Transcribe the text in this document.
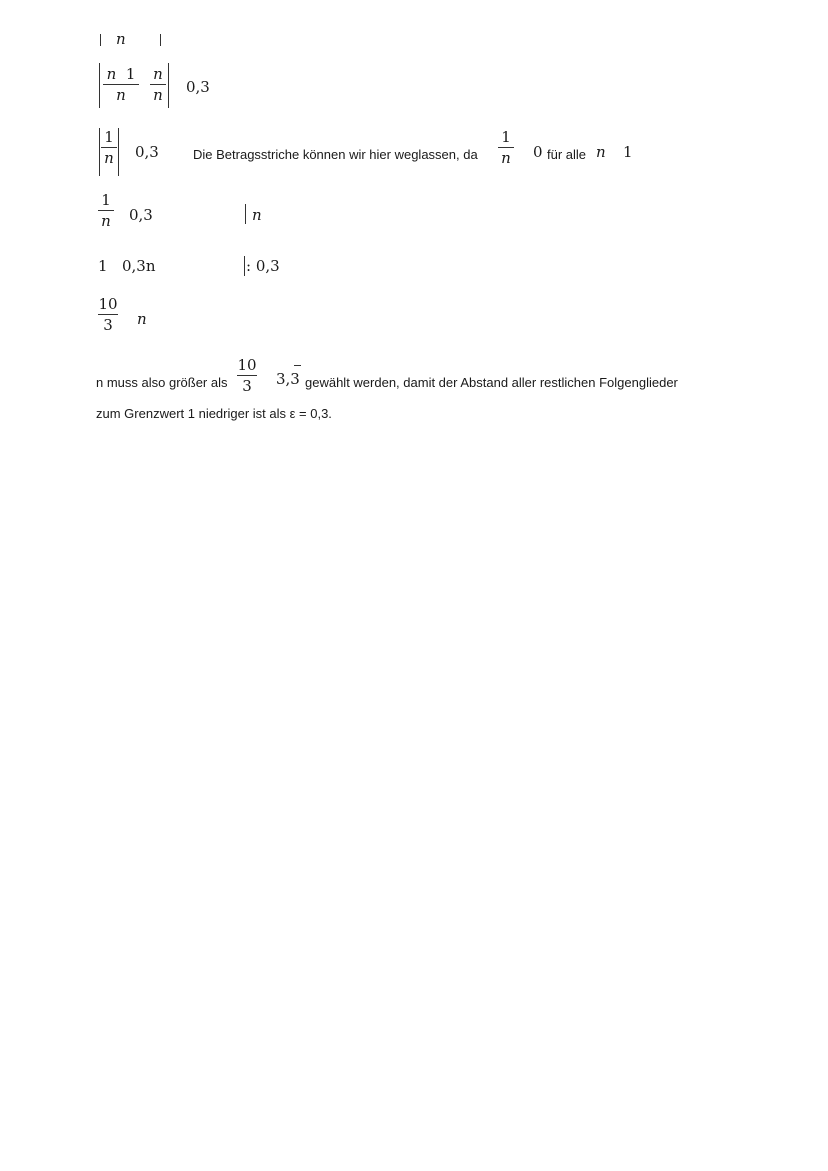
n
n 1
n
n
n 0,3
1
n 0,3	Die Betragsstriche können wir hier weglassen, da
1
n 0 für alle n 1
1
n 0,3	n
1 0,3n	: 0,3
10
3	n
n muss also größer als
10
3	3,3 gewählt werden, damit der Abstand aller restlichen Folgenglieder
zum Grenzwert 1 niedriger ist als ε = 0,3.
